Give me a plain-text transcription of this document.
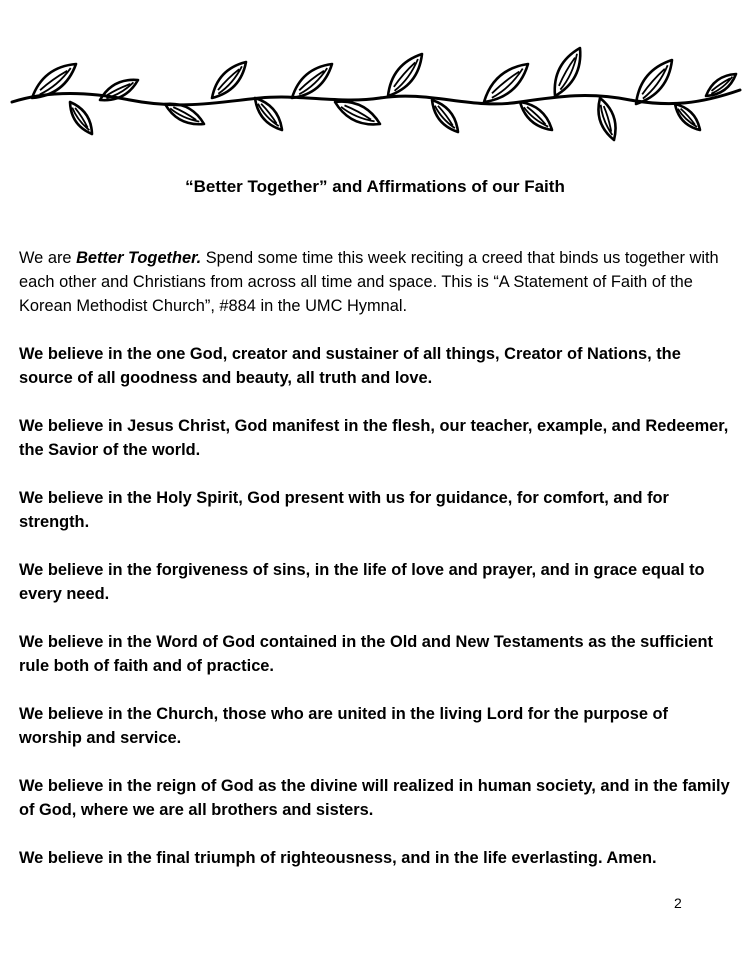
“Better Together” and Affirmations of our Faith

We are Better Together. Spend some time this week reciting a creed that binds us together with each other and Christians from across all time and space. This is “A Statement of Faith of the Korean Methodist Church”, #884 in the UMC Hymnal.

We believe in the one God, creator and sustainer of all things, Creator of Nations, the source of all goodness and beauty, all truth and love.

We believe in Jesus Christ, God manifest in the flesh, our teacher, example, and Redeemer, the Savior of the world.

We believe in the Holy Spirit, God present with us for guidance, for comfort, and for strength.

We believe in the forgiveness of sins, in the life of love and prayer, and in grace equal to every need.

We believe in the Word of God contained in the Old and New Testaments as the sufficient rule both of faith and of practice.

We believe in the Church, those who are united in the living Lord for the purpose of worship and service.

We believe in the reign of God as the divine will realized in human society, and in the family of God, where we are all brothers and sisters.

We believe in the final triumph of righteousness, and in the life everlasting. Amen.

2
